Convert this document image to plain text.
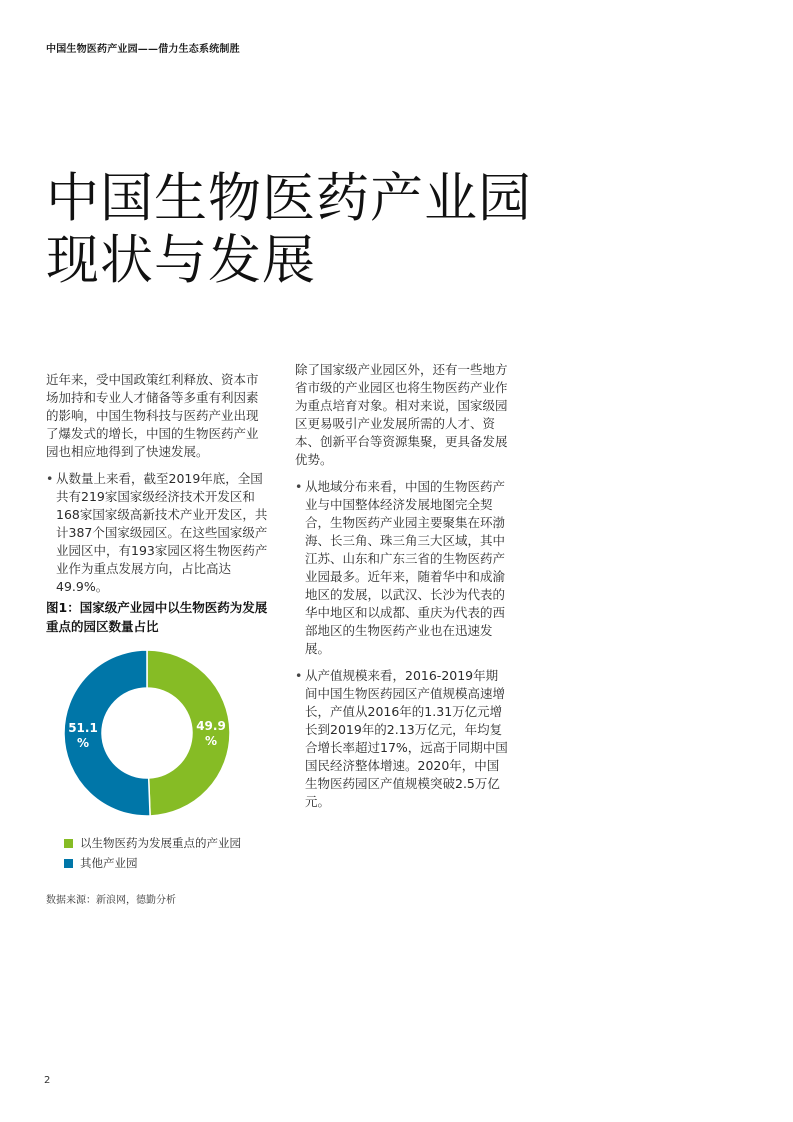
中国生物医药产业园——借力生态系统制胜
中国生物医药产业园
现状与发展

近年来，受中国政策红利释放、资本市场加持和专业人才储备等多重有利因素的影响，中国生物科技与医药产业出现了爆发式的增长，中国的生物医药产业园也相应地得到了快速发展。

• 从数量上来看，截至2019年底，全国共有219家国家级经济技术开发区和168家国家级高新技术产业开发区，共计387个国家级园区。在这些国家级产业园区中，有193家园区将生物医药产业作为重点发展方向，占比高达49.9%。
图1：国家级产业园中以生物医药为发展重点的园区数量占比
49.9 %
51.1 %
以生物医药为发展重点的产业园
其他产业园
数据来源：新浪网，德勤分析

除了国家级产业园区外，还有一些地方省市级的产业园区也将生物医药产业作为重点培育对象。相对来说，国家级园区更易吸引产业发展所需的人才、资本、创新平台等资源集聚，更具备发展优势。

• 从地域分布来看，中国的生物医药产业与中国整体经济发展地图完全契合，生物医药产业园主要聚集在环渤海、长三角、珠三角三大区域，其中江苏、山东和广东三省的生物医药产业园最多。近年来，随着华中和成渝地区的发展，以武汉、长沙为代表的华中地区和以成都、重庆为代表的西部地区的生物医药产业也在迅速发展。
• 从产值规模来看，2016-2019年期间中国生物医药园区产值规模高速增长，产值从2016年的1.31万亿元增长到2019年的2.13万亿元，年均复合增长率超过17%，远高于同期中国国民经济整体增速。2020年，中国生物医药园区产值规模突破2.5万亿元。
2
